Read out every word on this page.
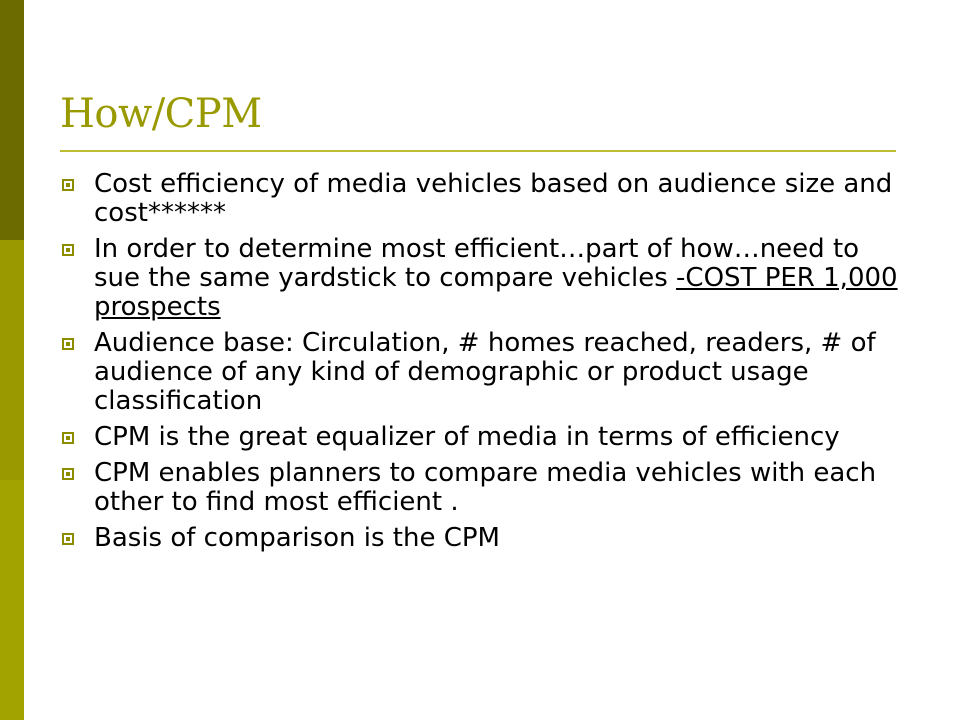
How/CPM
Cost efficiency of media vehicles based on audience size and cost******
In order to determine most efficient…part of how…need to sue the same yardstick to compare vehicles -COST PER 1,000 prospects
Audience base: Circulation, # homes reached, readers, # of audience of any kind of demographic or product usage classification
CPM is the great equalizer of media in terms of efficiency
CPM enables planners to compare media vehicles with each other to find most efficient .
Basis of comparison is the CPM
